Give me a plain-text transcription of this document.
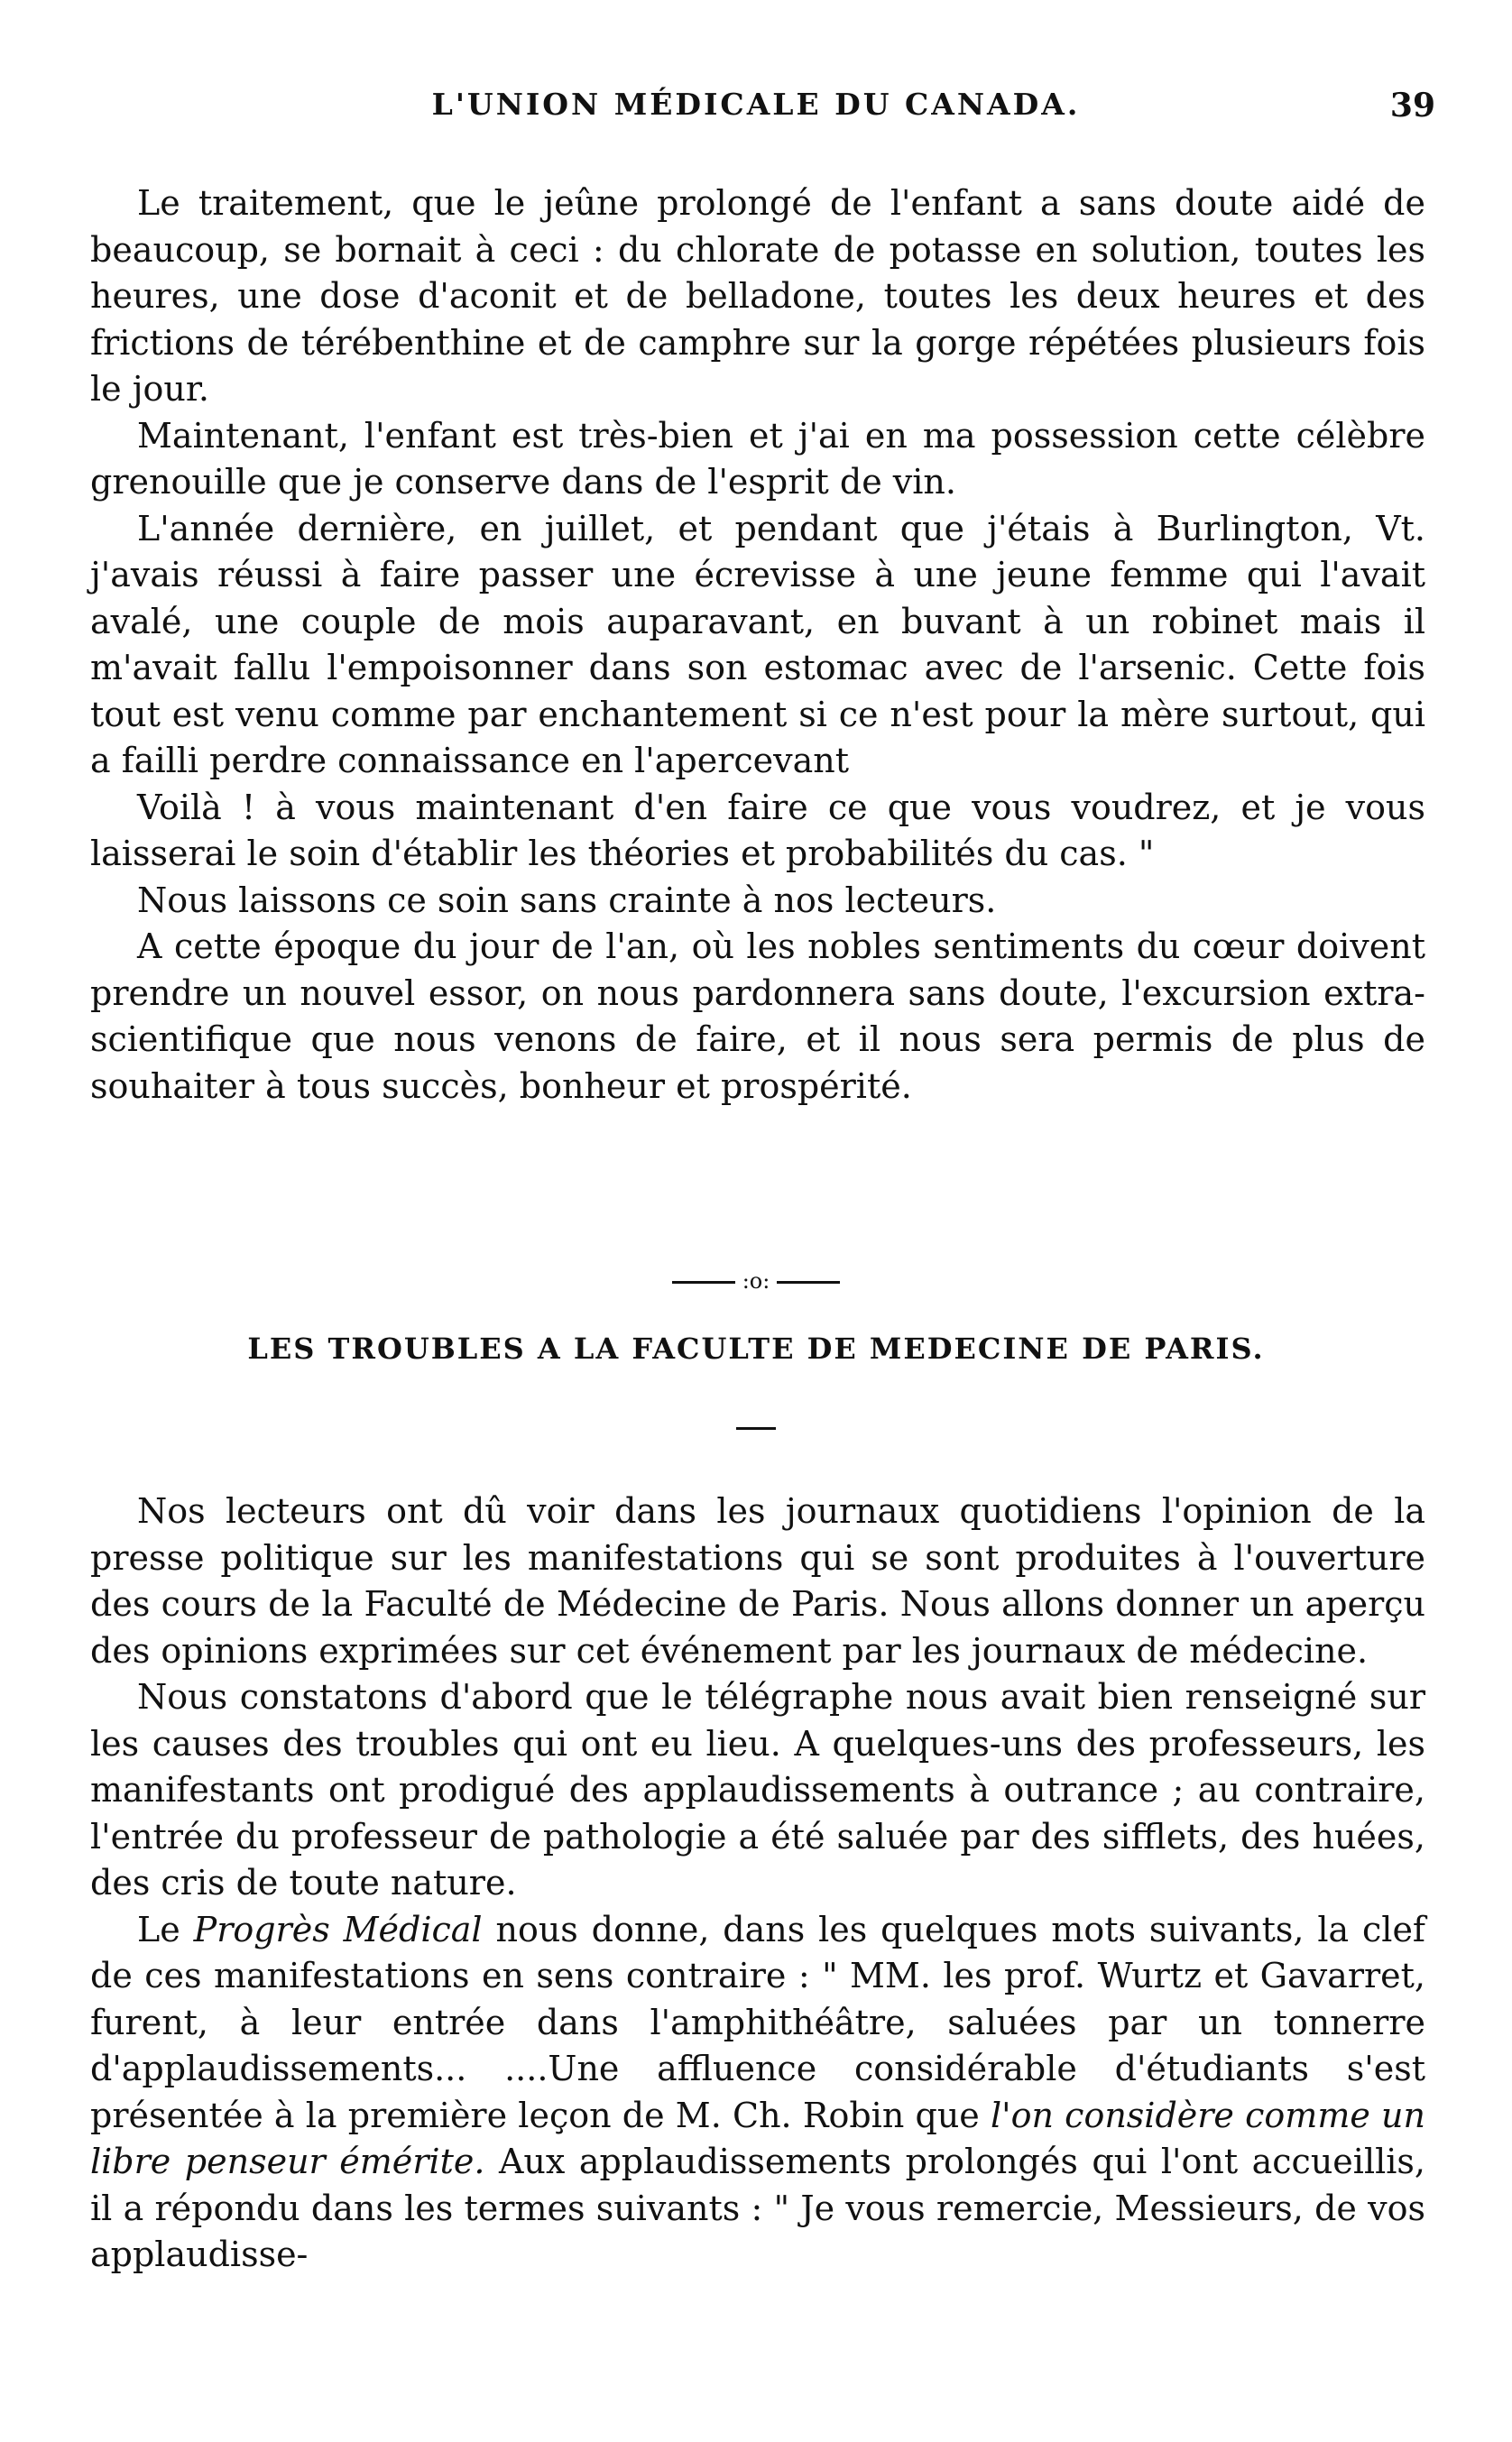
L'UNION MÉDICALE DU CANADA.	39

Le traitement, que le jeûne prolongé de l'enfant a sans doute aidé de beaucoup, se bornait à ceci : du chlorate de potasse en solution, toutes les heures, une dose d'aconit et de belladone, toutes les deux heures et des frictions de térébenthine et de camphre sur la gorge répétées plusieurs fois le jour.

Maintenant, l'enfant est très-bien et j'ai en ma possession cette célèbre grenouille que je conserve dans de l'esprit de vin.

L'année dernière, en juillet, et pendant que j'étais à Burlington, Vt. j'avais réussi à faire passer une écrevisse à une jeune femme qui l'avait avalé, une couple de mois auparavant, en buvant à un robinet mais il m'avait fallu l'empoisonner dans son estomac avec de l'arsenic. Cette fois tout est venu comme par enchantement si ce n'est pour la mère surtout, qui a failli perdre connaissance en l'apercevant

Voilà ! à vous maintenant d'en faire ce que vous voudrez, et je vous laisserai le soin d'établir les théories et probabilités du cas. "

Nous laissons ce soin sans crainte à nos lecteurs.

A cette époque du jour de l'an, où les nobles sentiments du cœur doivent prendre un nouvel essor, on nous pardonnera sans doute, l'excursion extra-scientifique que nous venons de faire, et il nous sera permis de plus de souhaiter à tous succès, bonheur et prospérité.

:o:
LES TROUBLES A LA FACULTE DE MEDECINE DE PARIS.

Nos lecteurs ont dû voir dans les journaux quotidiens l'opinion de la presse politique sur les manifestations qui se sont produites à l'ouverture des cours de la Faculté de Médecine de Paris. Nous allons donner un aperçu des opinions exprimées sur cet événement par les journaux de médecine.

Nous constatons d'abord que le télégraphe nous avait bien renseigné sur les causes des troubles qui ont eu lieu. A quelques-uns des professeurs, les manifestants ont prodigué des applaudissements à outrance ; au contraire, l'entrée du professeur de pathologie a été saluée par des sifflets, des huées, des cris de toute nature.

Le Progrès Médical nous donne, dans les quelques mots suivants, la clef de ces manifestations en sens contraire : " MM. les prof. Wurtz et Gavarret, furent, à leur entrée dans l'amphithéâtre, saluées par un tonnerre d'applaudissements... ....Une affluence considérable d'étudiants s'est présentée à la première leçon de M. Ch. Robin que l'on considère comme un libre penseur émérite. Aux applaudissements prolongés qui l'ont accueillis, il a répondu dans les termes suivants : " Je vous remercie, Messieurs, de vos applaudisse-
